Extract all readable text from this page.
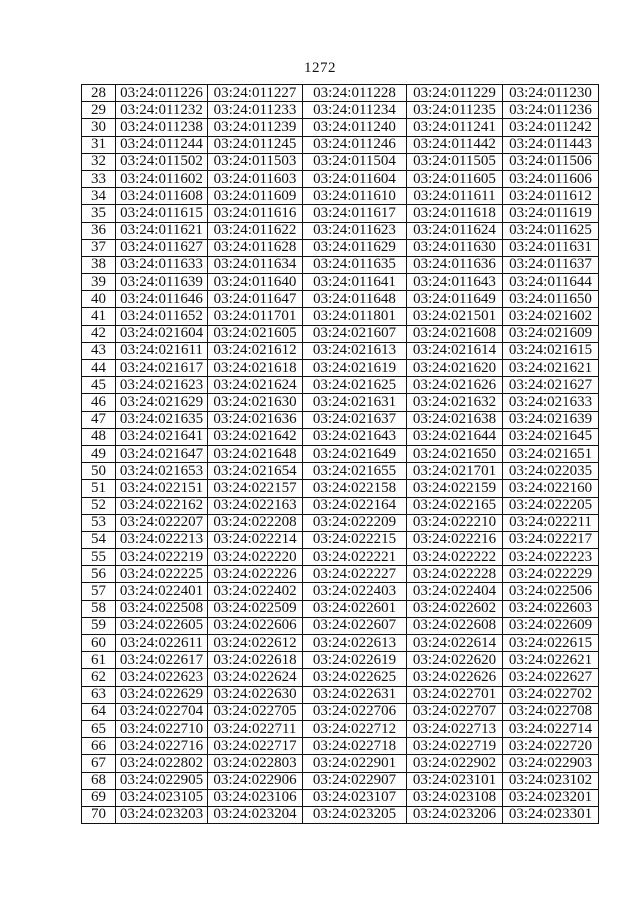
1272
28	03:24:011226	03:24:011227	03:24:011228	03:24:011229	03:24:011230
29	03:24:011232	03:24:011233	03:24:011234	03:24:011235	03:24:011236
30	03:24:011238	03:24:011239	03:24:011240	03:24:011241	03:24:011242
31	03:24:011244	03:24:011245	03:24:011246	03:24:011442	03:24:011443
32	03:24:011502	03:24:011503	03:24:011504	03:24:011505	03:24:011506
33	03:24:011602	03:24:011603	03:24:011604	03:24:011605	03:24:011606
34	03:24:011608	03:24:011609	03:24:011610	03:24:011611	03:24:011612
35	03:24:011615	03:24:011616	03:24:011617	03:24:011618	03:24:011619
36	03:24:011621	03:24:011622	03:24:011623	03:24:011624	03:24:011625
37	03:24:011627	03:24:011628	03:24:011629	03:24:011630	03:24:011631
38	03:24:011633	03:24:011634	03:24:011635	03:24:011636	03:24:011637
39	03:24:011639	03:24:011640	03:24:011641	03:24:011643	03:24:011644
40	03:24:011646	03:24:011647	03:24:011648	03:24:011649	03:24:011650
41	03:24:011652	03:24:011701	03:24:011801	03:24:021501	03:24:021602
42	03:24:021604	03:24:021605	03:24:021607	03:24:021608	03:24:021609
43	03:24:021611	03:24:021612	03:24:021613	03:24:021614	03:24:021615
44	03:24:021617	03:24:021618	03:24:021619	03:24:021620	03:24:021621
45	03:24:021623	03:24:021624	03:24:021625	03:24:021626	03:24:021627
46	03:24:021629	03:24:021630	03:24:021631	03:24:021632	03:24:021633
47	03:24:021635	03:24:021636	03:24:021637	03:24:021638	03:24:021639
48	03:24:021641	03:24:021642	03:24:021643	03:24:021644	03:24:021645
49	03:24:021647	03:24:021648	03:24:021649	03:24:021650	03:24:021651
50	03:24:021653	03:24:021654	03:24:021655	03:24:021701	03:24:022035
51	03:24:022151	03:24:022157	03:24:022158	03:24:022159	03:24:022160
52	03:24:022162	03:24:022163	03:24:022164	03:24:022165	03:24:022205
53	03:24:022207	03:24:022208	03:24:022209	03:24:022210	03:24:022211
54	03:24:022213	03:24:022214	03:24:022215	03:24:022216	03:24:022217
55	03:24:022219	03:24:022220	03:24:022221	03:24:022222	03:24:022223
56	03:24:022225	03:24:022226	03:24:022227	03:24:022228	03:24:022229
57	03:24:022401	03:24:022402	03:24:022403	03:24:022404	03:24:022506
58	03:24:022508	03:24:022509	03:24:022601	03:24:022602	03:24:022603
59	03:24:022605	03:24:022606	03:24:022607	03:24:022608	03:24:022609
60	03:24:022611	03:24:022612	03:24:022613	03:24:022614	03:24:022615
61	03:24:022617	03:24:022618	03:24:022619	03:24:022620	03:24:022621
62	03:24:022623	03:24:022624	03:24:022625	03:24:022626	03:24:022627
63	03:24:022629	03:24:022630	03:24:022631	03:24:022701	03:24:022702
64	03:24:022704	03:24:022705	03:24:022706	03:24:022707	03:24:022708
65	03:24:022710	03:24:022711	03:24:022712	03:24:022713	03:24:022714
66	03:24:022716	03:24:022717	03:24:022718	03:24:022719	03:24:022720
67	03:24:022802	03:24:022803	03:24:022901	03:24:022902	03:24:022903
68	03:24:022905	03:24:022906	03:24:022907	03:24:023101	03:24:023102
69	03:24:023105	03:24:023106	03:24:023107	03:24:023108	03:24:023201
70	03:24:023203	03:24:023204	03:24:023205	03:24:023206	03:24:023301
